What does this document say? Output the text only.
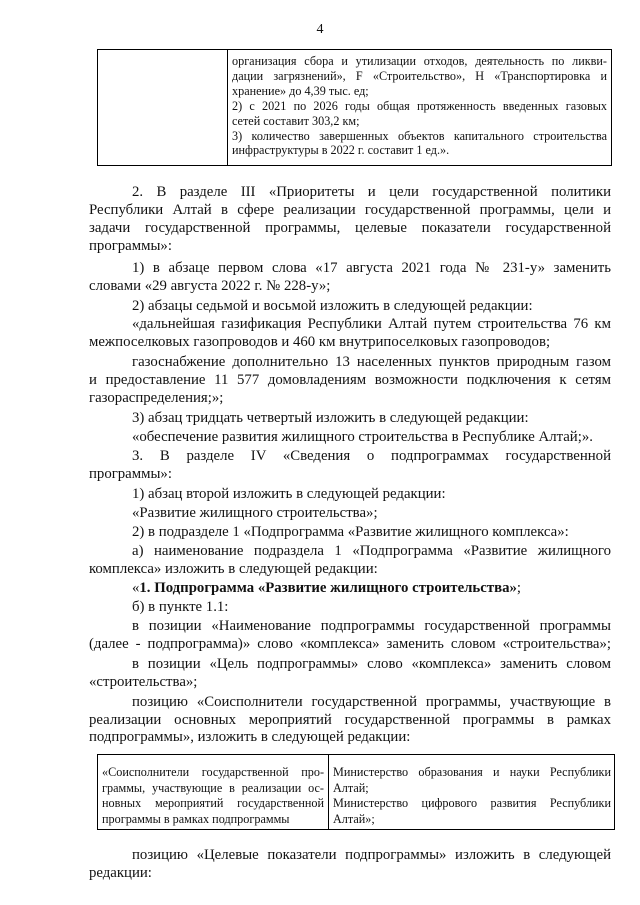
4
организация сбора и утилизации отходов, деятельность по ликви-
дации загрязнений», F «Строительство», H «Транспортировка и
хранение» до 4,39 тыс. ед;
2) с 2021 по 2026 годы общая протяженность введенных газовых
сетей составит 303,2 км;
3) количество завершенных объектов капитального строительства
инфраструктуры в 2022 г. составит 1 ед.».
2. В разделе III «Приоритеты и цели государственной политики
Республики Алтай в сфере реализации государственной программы, цели и
задачи государственной программы, целевые показатели государственной
программы»:
1) в абзаце первом слова «17 августа 2021 года № 231-у» заменить
словами «29 августа 2022 г. № 228-у»;
2) абзацы седьмой и восьмой изложить в следующей редакции:
«дальнейшая газификация Республики Алтай путем строительства 76 км
межпоселковых газопроводов и 460 км внутрипоселковых газопроводов;
газоснабжение дополнительно 13 населенных пунктов природным газом
и предоставление 11 577 домовладениям возможности подключения к сетям
газораспределения;»;
3) абзац тридцать четвертый изложить в следующей редакции:
«обеспечение развития жилищного строительства в Республике Алтай;».
3. В разделе IV «Сведения о подпрограммах государственной
программы»:
1) абзац второй изложить в следующей редакции:
«Развитие жилищного строительства»;
2) в подразделе 1 «Подпрограмма «Развитие жилищного комплекса»:
а) наименование подраздела 1 «Подпрограмма «Развитие жилищного
комплекса» изложить в следующей редакции:
«1. Подпрограмма «Развитие жилищного строительства»;
б) в пункте 1.1:
в позиции «Наименование подпрограммы государственной программы
(далее - подпрограмма)» слово «комплекса» заменить словом «строительства»;
в позиции «Цель подпрограммы» слово «комплекса» заменить словом
«строительства»;
позицию «Соисполнители государственной программы, участвующие в
реализации основных мероприятий государственной программы в рамках
подпрограммы», изложить в следующей редакции:
«Соисполнители государственной про-
граммы, участвующие в реализации ос-
новных мероприятий государственной
программы в рамках подпрограммы
Министерство образования и науки Республики
Алтай;
Министерство цифрового развития Республики
Алтай»;
позицию «Целевые показатели подпрограммы» изложить в следующей
редакции:
